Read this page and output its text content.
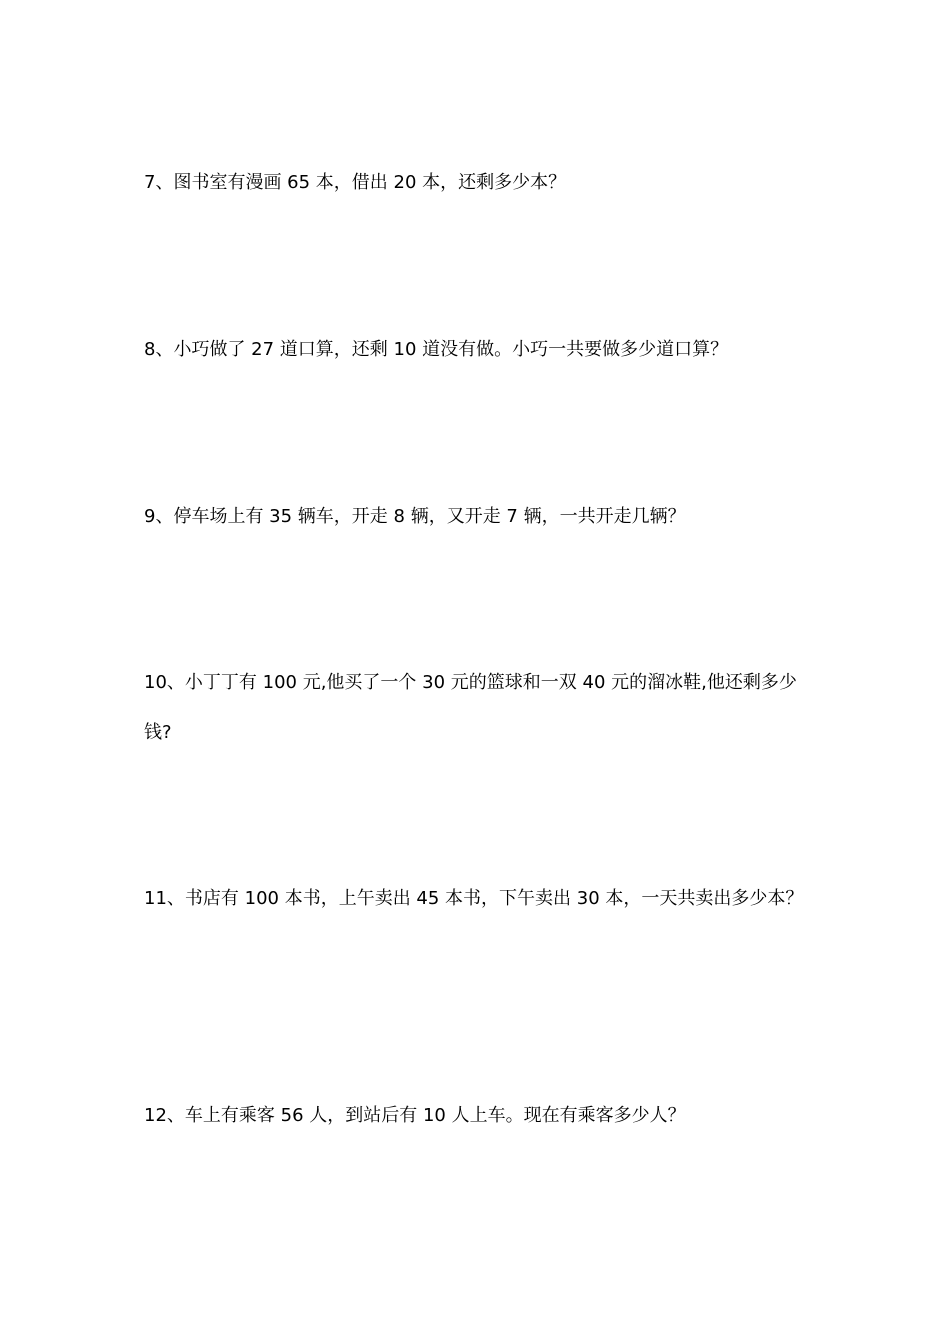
7、图书室有漫画 65 本，借出 20 本，还剩多少本？

8、小巧做了 27 道口算，还剩 10 道没有做。小巧一共要做多少道口算？

9、停车场上有 35 辆车，开走 8 辆，又开走 7 辆，一共开走几辆？

10、小丁丁有 100 元,他买了一个 30 元的篮球和一双 40 元的溜冰鞋,他还剩多少钱?

11、书店有 100 本书，上午卖出 45 本书，下午卖出 30 本，一天共卖出多少本？

12、车上有乘客 56 人，到站后有 10 人上车。现在有乘客多少人？
